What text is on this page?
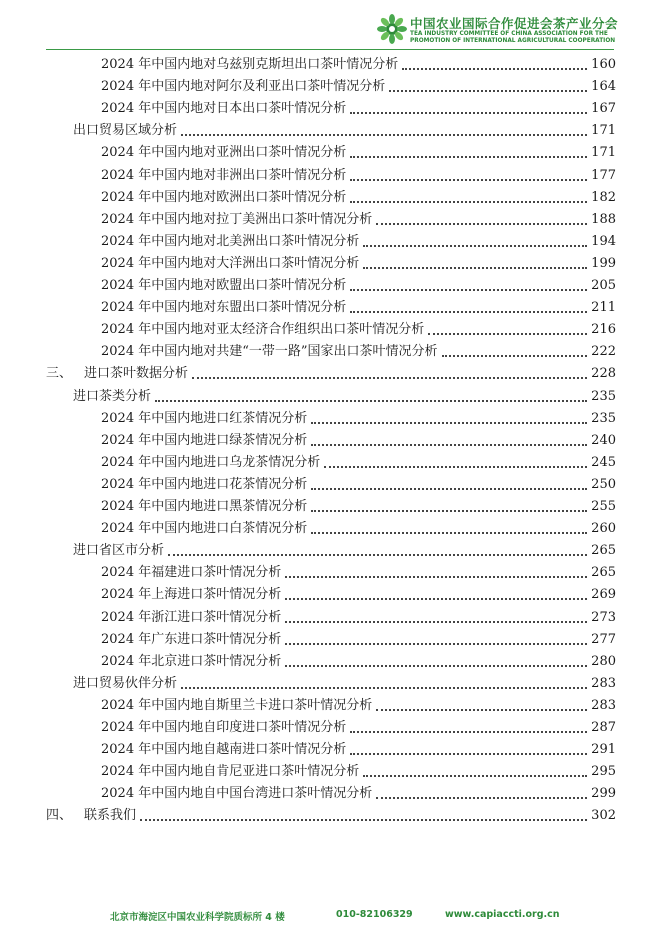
中国农业国际合作促进会茶产业分会
TEA INDUSTRY COMMITTEE OF CHINA ASSOCIATION FOR THE
PROMOTION OF INTERNATIONAL AGRICULTURAL COOPERATION
2024 年中国内地对乌兹别克斯坦出口茶叶情况分析	160
2024 年中国内地对阿尔及利亚出口茶叶情况分析	164
2024 年中国内地对日本出口茶叶情况分析	167
出口贸易区域分析	171
2024 年中国内地对亚洲出口茶叶情况分析	171
2024 年中国内地对非洲出口茶叶情况分析	177
2024 年中国内地对欧洲出口茶叶情况分析	182
2024 年中国内地对拉丁美洲出口茶叶情况分析	188
2024 年中国内地对北美洲出口茶叶情况分析	194
2024 年中国内地对大洋洲出口茶叶情况分析	199
2024 年中国内地对欧盟出口茶叶情况分析	205
2024 年中国内地对东盟出口茶叶情况分析	211
2024 年中国内地对亚太经济合作组织出口茶叶情况分析	216
2024 年中国内地对共建“一带一路”国家出口茶叶情况分析	222
三、 进口茶叶数据分析	228
进口茶类分析	235
2024 年中国内地进口红茶情况分析	235
2024 年中国内地进口绿茶情况分析	240
2024 年中国内地进口乌龙茶情况分析	245
2024 年中国内地进口花茶情况分析	250
2024 年中国内地进口黑茶情况分析	255
2024 年中国内地进口白茶情况分析	260
进口省区市分析	265
2024 年福建进口茶叶情况分析	265
2024 年上海进口茶叶情况分析	269
2024 年浙江进口茶叶情况分析	273
2024 年广东进口茶叶情况分析	277
2024 年北京进口茶叶情况分析	280
进口贸易伙伴分析	283
2024 年中国内地自斯里兰卡进口茶叶情况分析	283
2024 年中国内地自印度进口茶叶情况分析	287
2024 年中国内地自越南进口茶叶情况分析	291
2024 年中国内地自肯尼亚进口茶叶情况分析	295
2024 年中国内地自中国台湾进口茶叶情况分析	299
四、 联系我们	302
北京市海淀区中国农业科学院质标所 4 楼	010-82106329	www.capiaccti.org.cn
